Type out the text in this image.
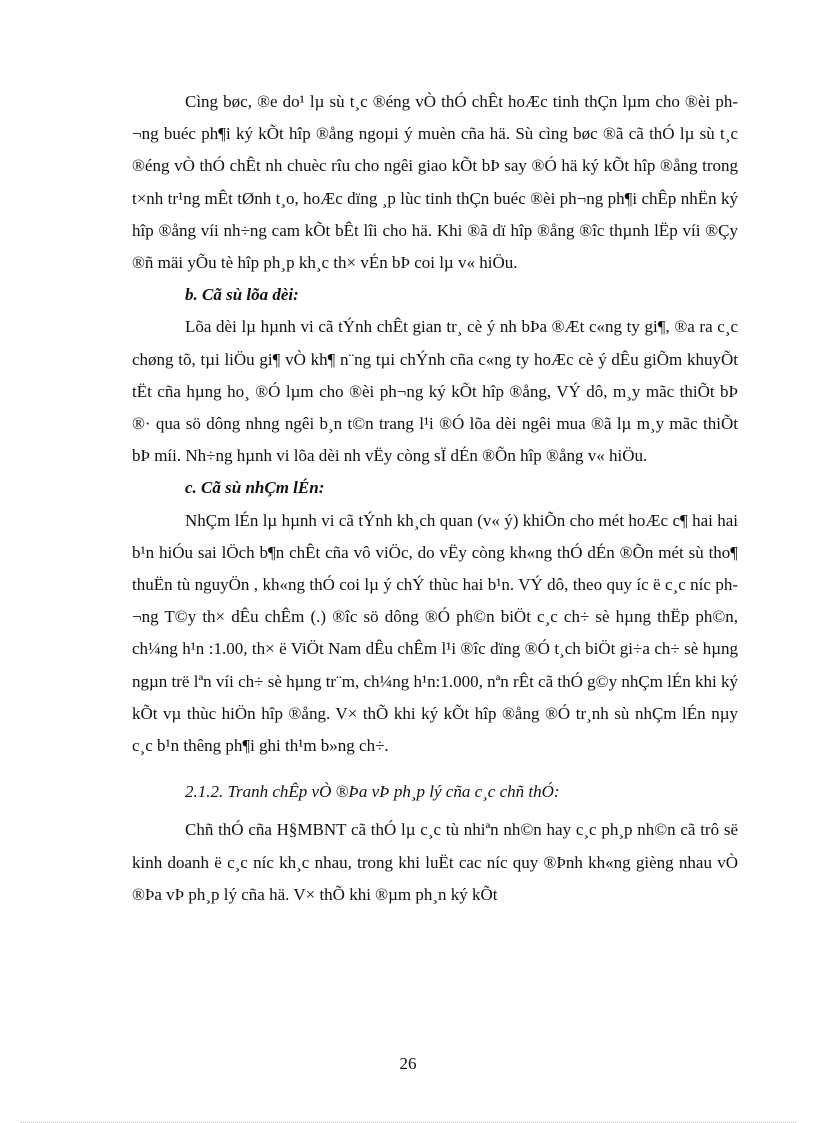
Cìng bøc, ®e do¹ lµ sù t¸c ®éng vÒ thÓ chÊt hoÆc tinh thÇn lµm cho ®èi ph¬ng buéc ph¶i ký kÕt hîp ®ång ngoµi ý muèn cña hä. Sù cìng bøc ®ã cã thÓ lµ sù t¸c ®éng vÒ thÓ chÊt nh chuèc rîu cho ngêi giao kÕt bÞ say ®Ó hä ký kÕt hîp ®ång trong t×nh tr¹ng mÊt tØnh t¸o, hoÆc dïng ¸p lùc tinh thÇn buéc ®èi ph¬ng ph¶i chÊp nhËn ký hîp ®ång víi nh÷ng cam kÕt bÊt lîi cho hä. Khi ®ã dï hîp ®ång ®îc thµnh lËp víi ®Çy ®ñ mäi yÕu tè hîp ph¸p kh¸c th× vÉn bÞ coi lµ v« hiÖu.

b. Cã sù lõa dèi:

Lõa dèi lµ hµnh vi cã tÝnh chÊt gian tr¸ cè ý nh bÞa ®Æt c«ng ty gi¶, ®a ra c¸c chøng tõ, tµi liÖu gi¶ vÒ kh¶ n¨ng tµi chÝnh cña c«ng ty hoÆc cè ý dÊu giÕm khuyÕt tËt cña hµng ho¸ ®Ó lµm cho ®èi ph¬ng ký kÕt hîp ®ång, VÝ dô, m¸y mãc thiÕt bÞ ®· qua sö dông nhng ngêi b¸n t©n trang l¹i ®Ó lõa dèi ngêi mua ®ã lµ m¸y mãc thiÕt bÞ míi. Nh÷ng hµnh vi lõa dèi nh vËy còng sÏ dÉn ®Õn hîp ®ång v« hiÖu.

c. Cã sù nhÇm lÉn:

NhÇm lÉn lµ hµnh vi cã tÝnh kh¸ch quan (v« ý) khiÕn cho mét hoÆc c¶ hai hai b¹n hiÓu sai lÖch b¶n chÊt cña vô viÖc, do vËy còng kh«ng thÓ dÉn ®Õn mét sù tho¶ thuËn tù nguyÖn , kh«ng thÓ coi lµ ý chÝ thùc hai b¹n. VÝ dô, theo quy íc ë c¸c níc ph¬ng T©y th× dÊu chÊm (.) ®îc sö dông ®Ó ph©n biÖt c¸c ch÷ sè hµng thËp ph©n, ch¼ng h¹n :1.00, th× ë ViÖt Nam dÊu chÊm l¹i ®îc dïng ®Ó t¸ch biÖt gi÷a ch÷ sè hµng ngµn trë lªn víi ch÷ sè hµng tr¨m, ch¼ng h¹n:1.000, nªn rÊt cã thÓ g©y nhÇm lÉn khi ký kÕt vµ thùc hiÖn hîp ®ång. V× thÕ khi ký kÕt hîp ®ång ®Ó tr¸nh sù nhÇm lÉn nµy c¸c b¹n thêng ph¶i ghi th¹m b»ng ch÷.

2.1.2. Tranh chÊp vÒ ®Þa vÞ ph¸p lý cña c¸c chñ thÓ:

Chñ thÓ cña H§MBNT cã thÓ lµ c¸c tù nhiªn nh©n hay c¸c ph¸p nh©n cã trô së kinh doanh ë c¸c níc kh¸c nhau, trong khi luËt cac níc quy ®Þnh kh«ng gièng nhau vÒ ®Þa vÞ ph¸p lý cña hä. V× thÕ khi ®µm ph¸n ký kÕt

26
